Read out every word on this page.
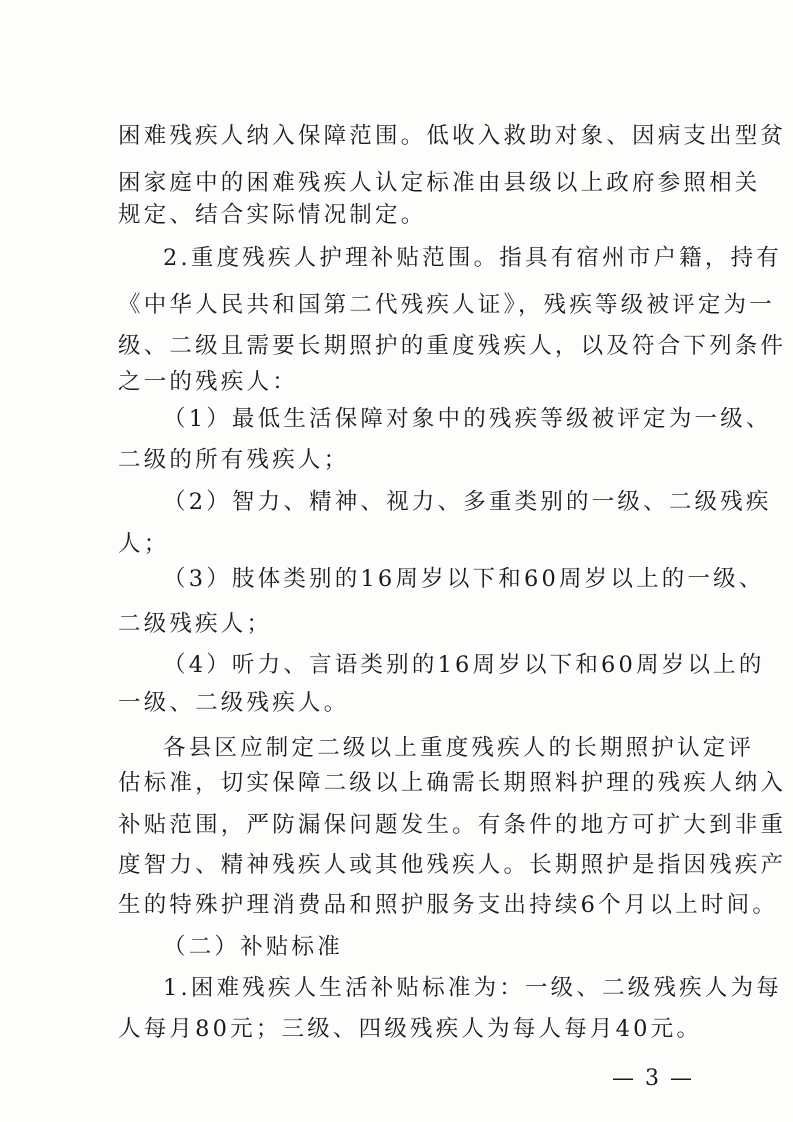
困难残疾人纳入保障范围。低收入救助对象、因病支出型贫
困家庭中的困难残疾人认定标准由县级以上政府参照相关
规定、结合实际情况制定。
2.重度残疾人护理补贴范围。指具有宿州市户籍，持有
《中华人民共和国第二代残疾人证》，残疾等级被评定为一
级、二级且需要长期照护的重度残疾人，以及符合下列条件
之一的残疾人：
（1）最低生活保障对象中的残疾等级被评定为一级、
二级的所有残疾人；
（2）智力、精神、视力、多重类别的一级、二级残疾
人；
（3）肢体类别的16周岁以下和60周岁以上的一级、
二级残疾人；
（4）听力、言语类别的16周岁以下和60周岁以上的
一级、二级残疾人。
各县区应制定二级以上重度残疾人的长期照护认定评
估标准，切实保障二级以上确需长期照料护理的残疾人纳入
补贴范围，严防漏保问题发生。有条件的地方可扩大到非重
度智力、精神残疾人或其他残疾人。长期照护是指因残疾产
生的特殊护理消费品和照护服务支出持续6个月以上时间。
（二）补贴标准
1.困难残疾人生活补贴标准为：一级、二级残疾人为每
人每月80元；三级、四级残疾人为每人每月40元。
— 3 —
